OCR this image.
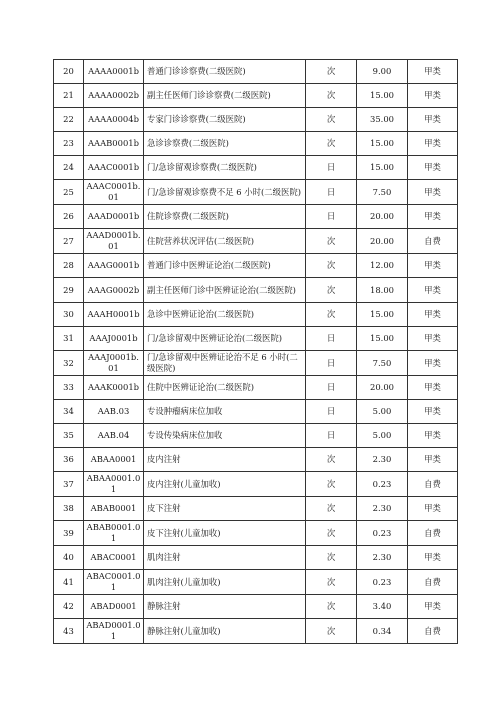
20	AAAA0001b	普通门诊诊察费(二级医院)	次	9.00	甲类
21	AAAA0002b	副主任医师门诊诊察费(二级医院)	次	15.00	甲类
22	AAAA0004b	专家门诊诊察费(二级医院)	次	35.00	甲类
23	AAAB0001b	急诊诊察费(二级医院)	次	15.00	甲类
24	AAAC0001b	门/急诊留观诊察费(二级医院)	日	15.00	甲类
25	AAAC0001b.01	门/急诊留观诊察费不足 6 小时(二级医院)	日	7.50	甲类
26	AAAD0001b	住院诊察费(二级医院)	日	20.00	甲类
27	AAAD0001b.01	住院营养状况评估(二级医院)	次	20.00	自费
28	AAAG0001b	普通门诊中医辨证论治(二级医院)	次	12.00	甲类
29	AAAG0002b	副主任医师门诊中医辨证论治(二级医院)	次	18.00	甲类
30	AAAH0001b	急诊中医辨证论治(二级医院)	次	15.00	甲类
31	AAAJ0001b	门/急诊留观中医辨证论治(二级医院)	日	15.00	甲类
32	AAAJ0001b.01	门/急诊留观中医辨证论治不足 6 小时(二级医院)	日	7.50	甲类
33	AAAK0001b	住院中医辨证论治(二级医院)	日	20.00	甲类
34	AAB.03	专设肿瘤病床位加收	日	5.00	甲类
35	AAB.04	专设传染病床位加收	日	5.00	甲类
36	ABAA0001	皮内注射	次	2.30	甲类
37	ABAA0001.01	皮内注射(儿童加收)	次	0.23	自费
38	ABAB0001	皮下注射	次	2.30	甲类
39	ABAB0001.01	皮下注射(儿童加收)	次	0.23	自费
40	ABAC0001	肌肉注射	次	2.30	甲类
41	ABAC0001.01	肌肉注射(儿童加收)	次	0.23	自费
42	ABAD0001	静脉注射	次	3.40	甲类
43	ABAD0001.01	静脉注射(儿童加收)	次	0.34	自费
